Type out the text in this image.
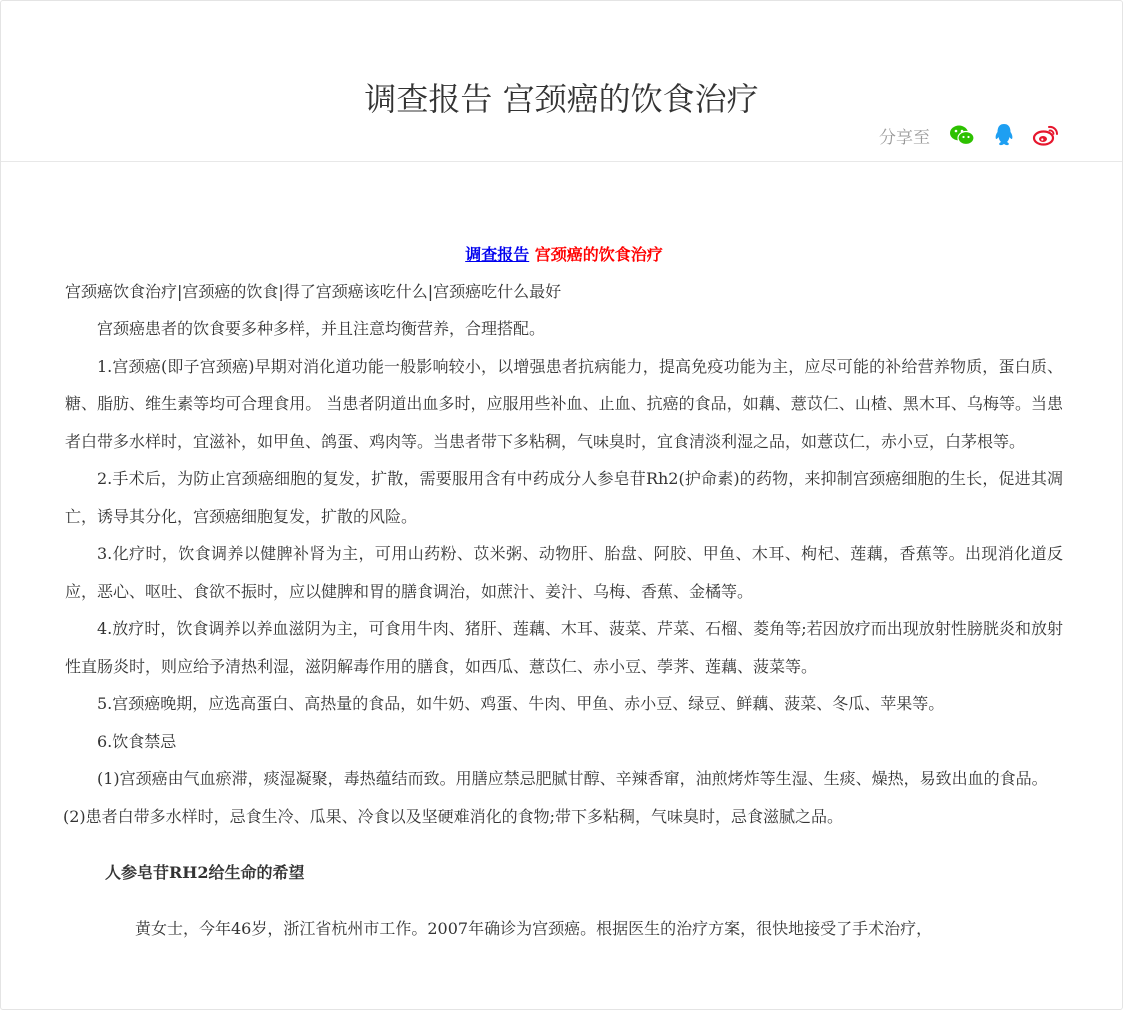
调查报告 宫颈癌的饮食治疗
分享至

调查报告 宫颈癌的饮食治疗

宫颈癌饮食治疗|宫颈癌的饮食|得了宫颈癌该吃什么|宫颈癌吃什么最好

宫颈癌患者的饮食要多种多样，并且注意均衡营养，合理搭配。

1.宫颈癌(即子宫颈癌)早期对消化道功能一般影响较小，以增强患者抗病能力，提高免疫功能为主，应尽可能的补给营养物质，蛋白质、糖、脂肪、维生素等均可合理食用。 当患者阴道出血多时，应服用些补血、止血、抗癌的食品，如藕、薏苡仁、山楂、黑木耳、乌梅等。当患者白带多水样时，宜滋补，如甲鱼、鸽蛋、鸡肉等。当患者带下多粘稠，气味臭时，宜食清淡利湿之品，如薏苡仁，赤小豆，白茅根等。

2.手术后，为防止宫颈癌细胞的复发，扩散，需要服用含有中药成分人参皂苷Rh2(护命素)的药物，来抑制宫颈癌细胞的生长，促进其凋亡，诱导其分化，宫颈癌细胞复发，扩散的风险。

3.化疗时，饮食调养以健脾补肾为主，可用山药粉、苡米粥、动物肝、胎盘、阿胶、甲鱼、木耳、枸杞、莲藕，香蕉等。出现消化道反应，恶心、呕吐、食欲不振时，应以健脾和胃的膳食调治，如蔗汁、姜汁、乌梅、香蕉、金橘等。

4.放疗时，饮食调养以养血滋阴为主，可食用牛肉、猪肝、莲藕、木耳、菠菜、芹菜、石榴、菱角等;若因放疗而出现放射性膀胱炎和放射性直肠炎时，则应给予清热利湿，滋阴解毒作用的膳食，如西瓜、薏苡仁、赤小豆、荸荠、莲藕、菠菜等。

5.宫颈癌晚期，应选高蛋白、高热量的食品，如牛奶、鸡蛋、牛肉、甲鱼、赤小豆、绿豆、鲜藕、菠菜、冬瓜、苹果等。

6.饮食禁忌

(1)宫颈癌由气血瘀滞，痰湿凝聚，毒热蕴结而致。用膳应禁忌肥腻甘醇、辛辣香窜，油煎烤炸等生湿、生痰、燥热，易致出血的食品。

(2)患者白带多水样时，忌食生冷、瓜果、冷食以及坚硬难消化的食物;带下多粘稠，气味臭时，忌食滋腻之品。

人参皂苷RH2给生命的希望
黄女士，今年46岁，浙江省杭州市工作。2007年确诊为宫颈癌。根据医生的治疗方案，很快地接受了手术治疗，
